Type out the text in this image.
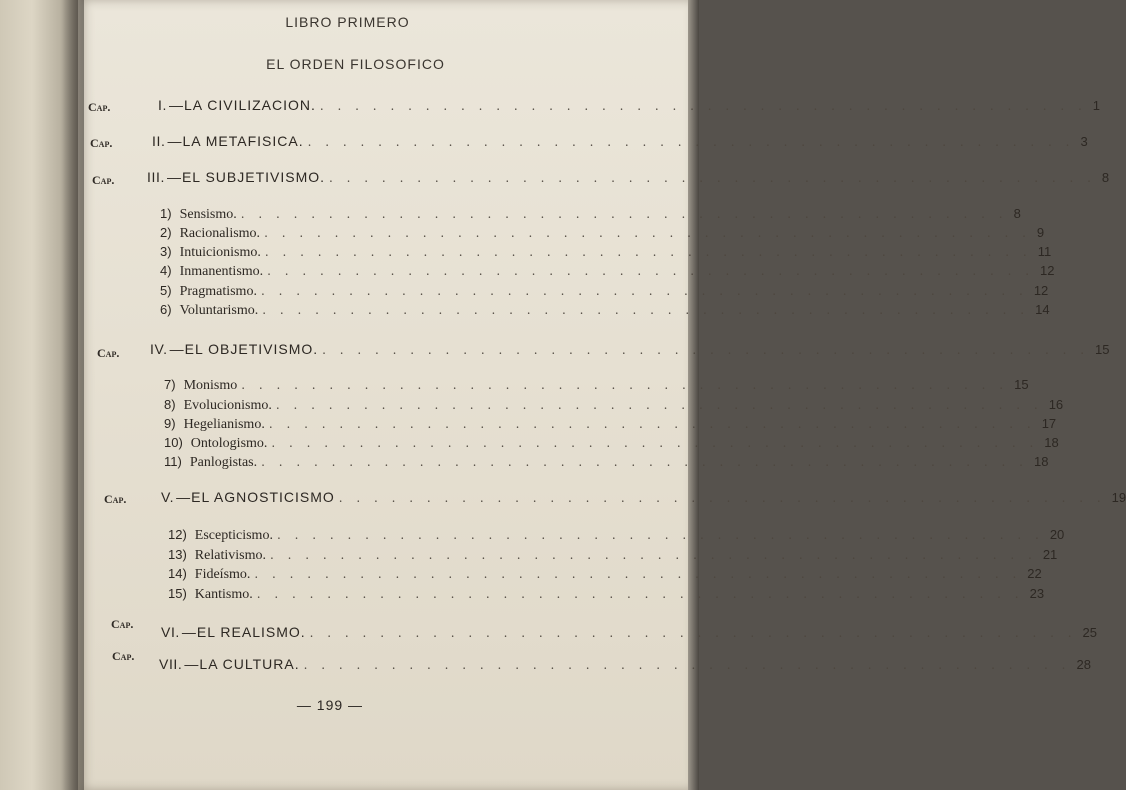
LIBRO PRIMERO
EL ORDEN FILOSOFICO
Cap.	I. —LA CIVILIZACION. . . . . . . . . . . . . . . . . . . . . . . . . . . . . . . . . . . . . . . . . . . . . 1
Cap.	II. —LA METAFISICA. . . . . . . . . . . . . . . . . . . . . . . . . . . . . . . . . . . . . . . . . . . . . 3
Cap. III. —EL SUBJETIVISMO. . . . . . . . . . . . . . . . . . . . . . . . . . . . . . . . . . . . . . . . . . . . . 8
1) Sensismo. . . . . . . . . . . . . . . . . . . . . . . . . . . . . . . . . . . . . . . . . . . . . 8
2) Racionalismo. . . . . . . . . . . . . . . . . . . . . . . . . . . . . . . . . . . . . . . . . . . . . 9
3) Intuicionismo. . . . . . . . . . . . . . . . . . . . . . . . . . . . . . . . . . . . . . . . . . . . . 11
4) Inmanentismo. . . . . . . . . . . . . . . . . . . . . . . . . . . . . . . . . . . . . . . . . . . . . 12
5) Pragmatismo. . . . . . . . . . . . . . . . . . . . . . . . . . . . . . . . . . . . . . . . . . . . . 12
6) Voluntarismo. . . . . . . . . . . . . . . . . . . . . . . . . . . . . . . . . . . . . . . . . . . . . 14
Cap. IV. —EL OBJETIVISMO. . . . . . . . . . . . . . . . . . . . . . . . . . . . . . . . . . . . . . . . . . . . . 15
7) Monismo . . . . . . . . . . . . . . . . . . . . . . . . . . . . . . . . . . . . . . . . . . . . 15
8) Evolucionismo. . . . . . . . . . . . . . . . . . . . . . . . . . . . . . . . . . . . . . . . . . . . . 16
9) Hegelianismo. . . . . . . . . . . . . . . . . . . . . . . . . . . . . . . . . . . . . . . . . . . . . 17
10) Ontologismo. . . . . . . . . . . . . . . . . . . . . . . . . . . . . . . . . . . . . . . . . . . . . 18
11) Panlogistas. . . . . . . . . . . . . . . . . . . . . . . . . . . . . . . . . . . . . . . . . . . . . 18
Cap. V. —EL AGNOSTICISMO . . . . . . . . . . . . . . . . . . . . . . . . . . . . . . . . . . . . . . . . . . . . 19
12) Escepticismo. . . . . . . . . . . . . . . . . . . . . . . . . . . . . . . . . . . . . . . . . . . . . 20
13) Relativismo. . . . . . . . . . . . . . . . . . . . . . . . . . . . . . . . . . . . . . . . . . . . . 21
14) Fideísmo. . . . . . . . . . . . . . . . . . . . . . . . . . . . . . . . . . . . . . . . . . . . . 22
15) Kantismo. . . . . . . . . . . . . . . . . . . . . . . . . . . . . . . . . . . . . . . . . . . . . 23
Cap. VI. —EL REALISMO. . . . . . . . . . . . . . . . . . . . . . . . . . . . . . . . . . . . . . . . . . . . . 25
Cap. VII. —LA CULTURA. . . . . . . . . . . . . . . . . . . . . . . . . . . . . . . . . . . . . . . . . . . . . 28
— 199 —
